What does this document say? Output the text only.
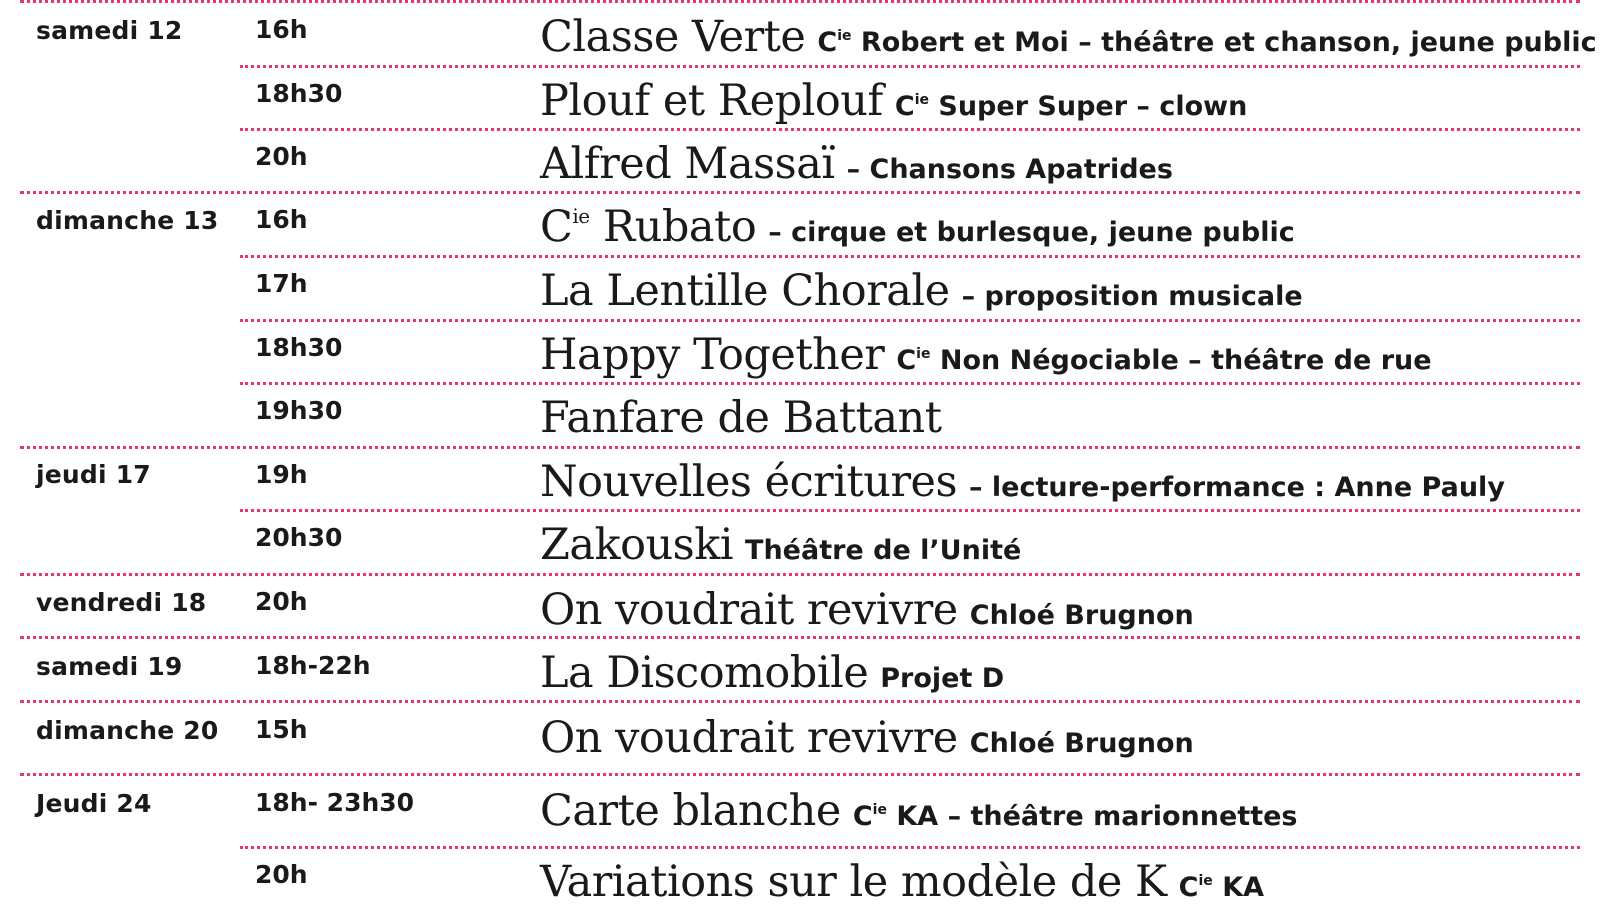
samedi 12	16h	Classe Verte $C^{ie}$ Robert et Moi – théâtre et chanson, jeune public
18h30	Plouf et Replouf $C^{ie}$ Super Super – clown
20h	Alfred Massaï – Chansons Apatrides
dimanche 13 16h	$C^{ie}$ Rubato – cirque et burlesque, jeune public
17h	La Lentille Chorale – proposition musicale
18h30	Happy Together $C^{ie}$ Non Négociable – théâtre de rue
19h30	Fanfare de Battant
jeudi 17	19h	Nouvelles écritures – lecture-performance : Anne Pauly
20h30	Zakouski Théâtre de l’Unité
vendredi 18 20h	On voudrait revivre Chloé Brugnon
samedi 19	18h-22h	La Discomobile Projet D
dimanche 20 15h	On voudrait revivre Chloé Brugnon
Jeudi 24	18h- 23h30	Carte blanche $C^{ie}$ KA – théâtre marionnettes
20h	Variations sur le modèle de K $C^{ie}$ KA
